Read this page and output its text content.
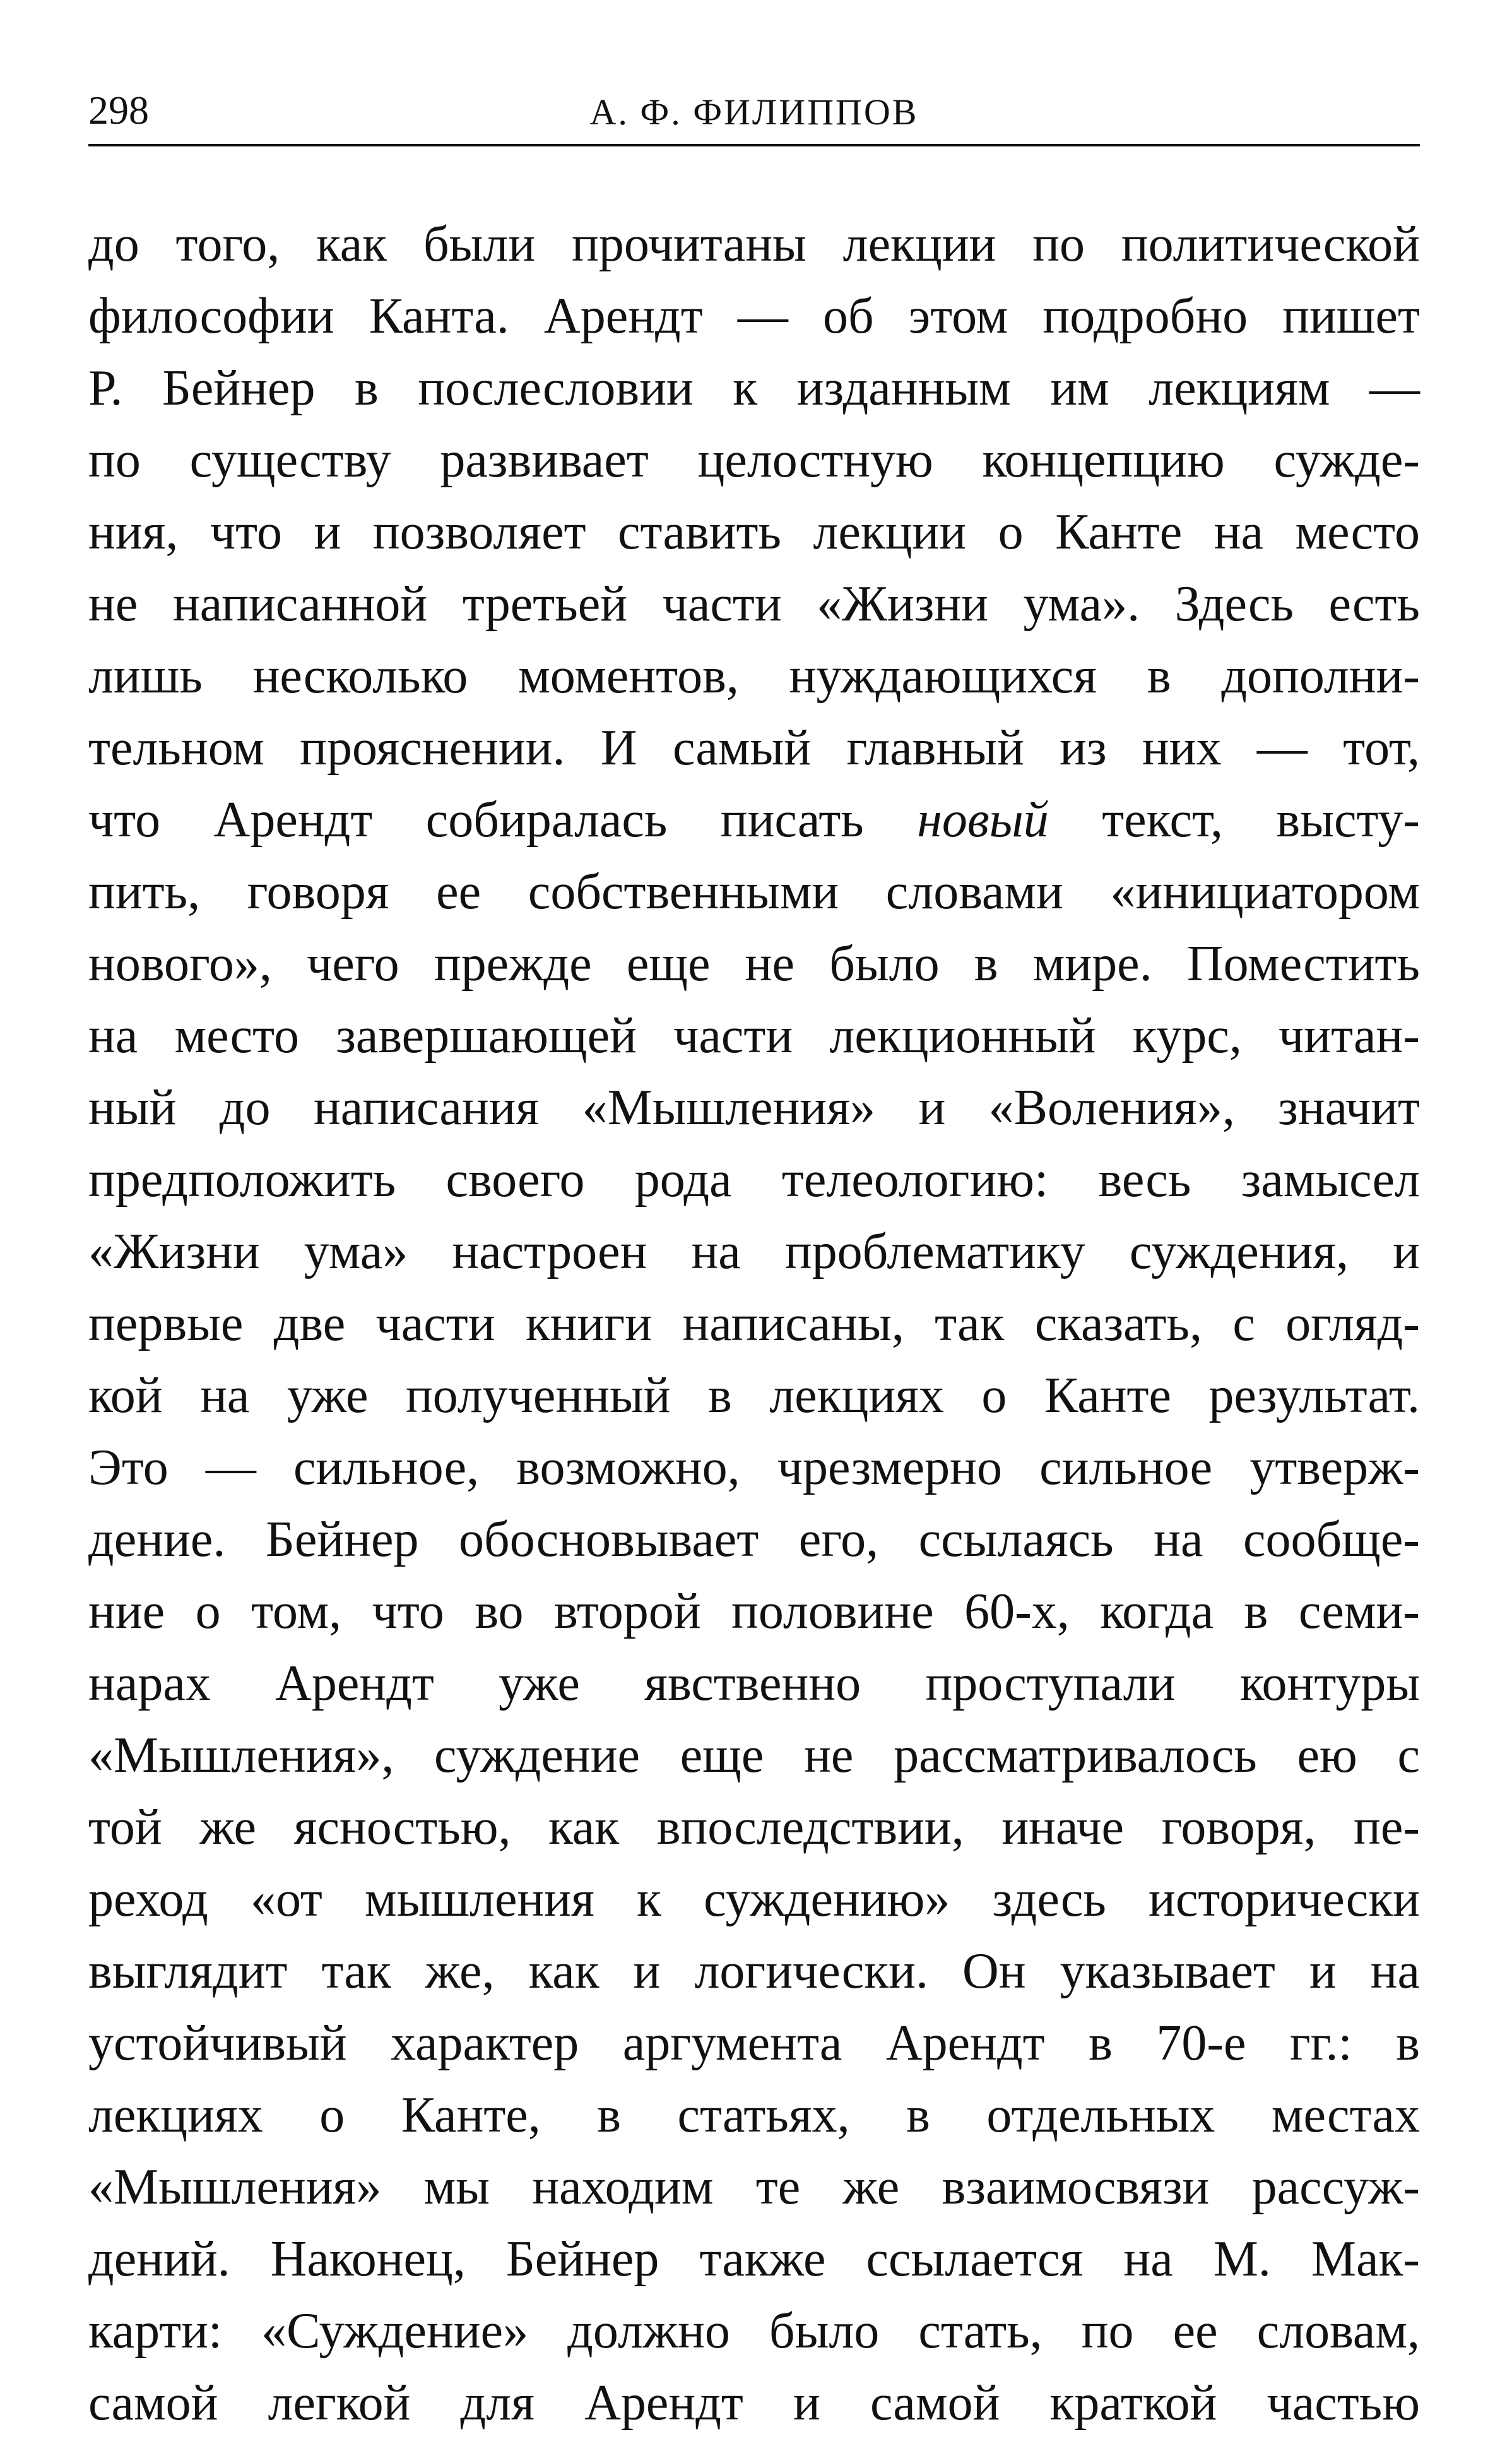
298	А. Ф. ФИЛИППОВ
до того, как были прочитаны лекции по политической
философии Канта. Арендт — об этом подробно пишет
Р. Бейнер в послесловии к изданным им лекциям —
по существу развивает целостную концепцию сужде-
ния, что и позволяет ставить лекции о Канте на место
не написанной третьей части «Жизни ума». Здесь есть
лишь несколько моментов, нуждающихся в дополни-
тельном прояснении. И самый главный из них — тот,
что Арендт собиралась писать новый текст, высту-
пить, говоря ее собственными словами «инициатором
нового», чего прежде еще не было в мире. Поместить
на место завершающей части лекционный курс, читан-
ный до написания «Мышления» и «Воления», значит
предположить своего рода телеологию: весь замысел
«Жизни ума» настроен на проблематику суждения, и
первые две части книги написаны, так сказать, с огляд-
кой на уже полученный в лекциях о Канте результат.
Это — сильное, возможно, чрезмерно сильное утверж-
дение. Бейнер обосновывает его, ссылаясь на сообще-
ние о том, что во второй половине 60-х, когда в семи-
нарах Арендт уже явственно проступали контуры
«Мышления», суждение еще не рассматривалось ею с
той же ясностью, как впоследствии, иначе говоря, пе-
реход «от мышления к суждению» здесь исторически
выглядит так же, как и логически. Он указывает и на
устойчивый характер аргумента Арендт в 70-е гг.: в
лекциях о Канте, в статьях, в отдельных местах
«Мышления» мы находим те же взаимосвязи рассуж-
дений. Наконец, Бейнер также ссылается на М. Мак-
карти: «Суждение» должно было стать, по ее словам,
самой легкой для Арендт и самой краткой частью
